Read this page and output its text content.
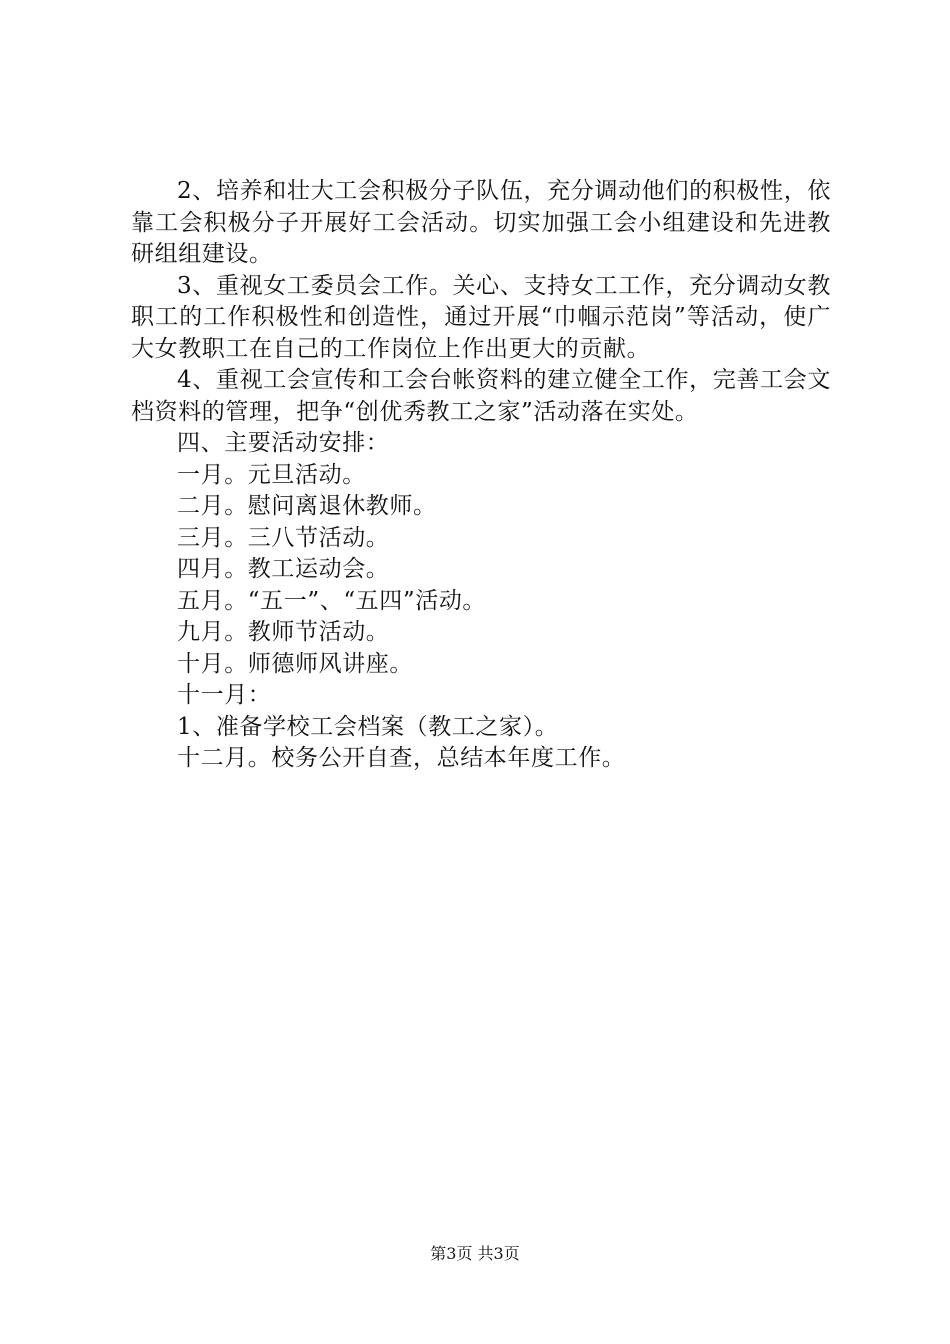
2、培养和壮大工会积极分子队伍，充分调动他们的积极性，依靠工会积极分子开展好工会活动。切实加强工会小组建设和先进教研组组建设。

3、重视女工委员会工作。关心、支持女工工作，充分调动女教职工的工作积极性和创造性，通过开展“巾帼示范岗”等活动，使广大女教职工在自己的工作岗位上作出更大的贡献。

4、重视工会宣传和工会台帐资料的建立健全工作，完善工会文档资料的管理，把争“创优秀教工之家”活动落在实处。

四、主要活动安排：

一月。元旦活动。

二月。慰问离退休教师。

三月。三八节活动。

四月。教工运动会。

五月。“五一”、“五四”活动。

九月。教师节活动。

十月。师德师风讲座。

十一月：

1、准备学校工会档案（教工之家）。

十二月。校务公开自查，总结本年度工作。

第3页 共3页
